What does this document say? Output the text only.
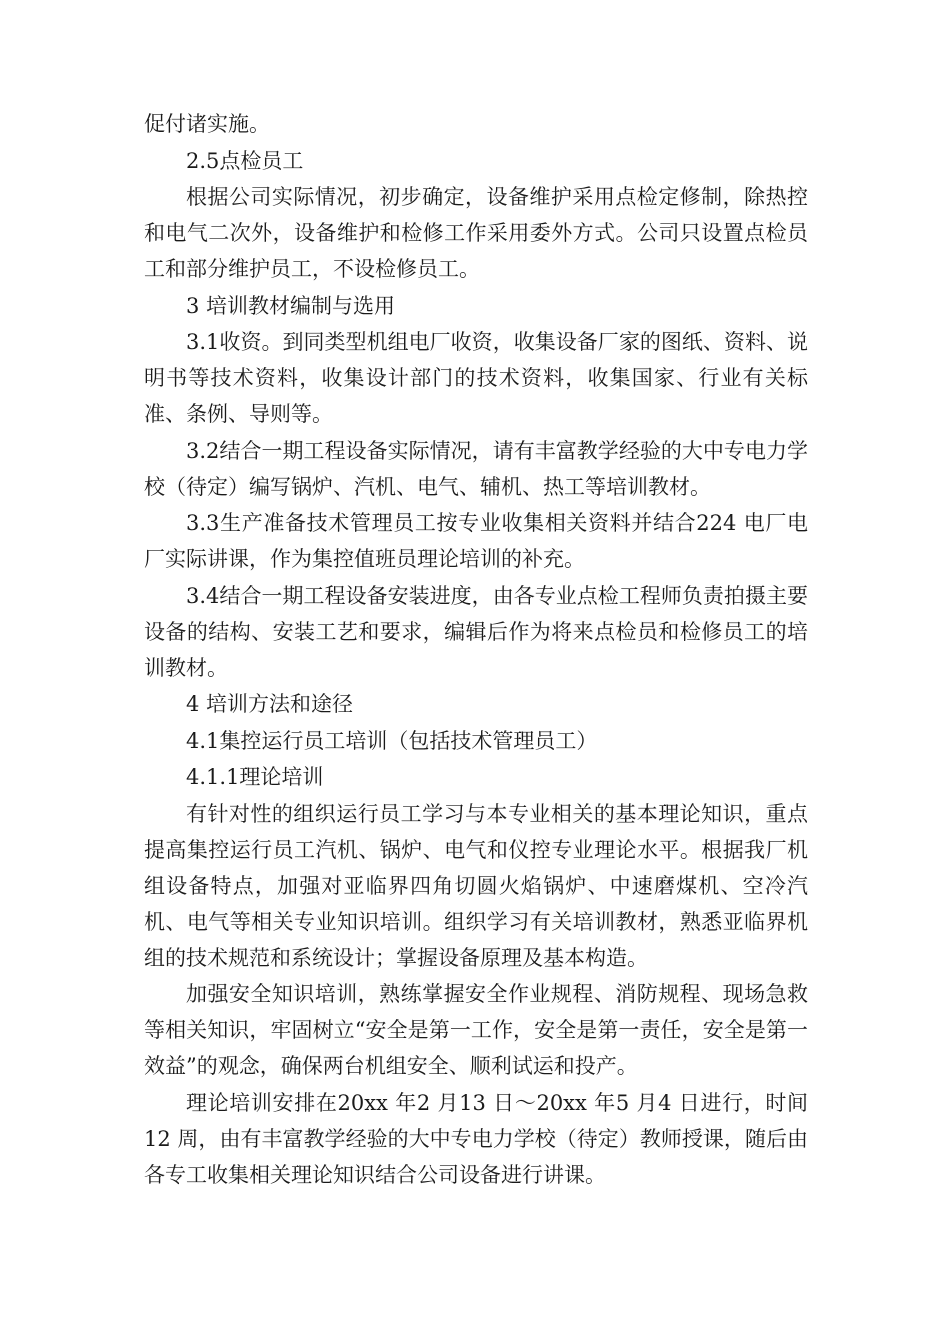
促付诸实施。

2.5点检员工

根据公司实际情况，初步确定，设备维护采用点检定修制，除热控和电气二次外，设备维护和检修工作采用委外方式。公司只设置点检员工和部分维护员工，不设检修员工。

3 培训教材编制与选用

3.1收资。到同类型机组电厂收资，收集设备厂家的图纸、资料、说明书等技术资料，收集设计部门的技术资料，收集国家、行业有关标准、条例、导则等。

3.2结合一期工程设备实际情况，请有丰富教学经验的大中专电力学校（待定）编写锅炉、汽机、电气、辅机、热工等培训教材。

3.3生产准备技术管理员工按专业收集相关资料并结合224 电厂电厂实际讲课，作为集控值班员理论培训的补充。

3.4结合一期工程设备安装进度，由各专业点检工程师负责拍摄主要设备的结构、安装工艺和要求，编辑后作为将来点检员和检修员工的培训教材。

4 培训方法和途径

4.1集控运行员工培训（包括技术管理员工）

4.1.1理论培训

有针对性的组织运行员工学习与本专业相关的基本理论知识，重点提高集控运行员工汽机、锅炉、电气和仪控专业理论水平。根据我厂机组设备特点，加强对亚临界四角切圆火焰锅炉、中速磨煤机、空冷汽机、电气等相关专业知识培训。组织学习有关培训教材，熟悉亚临界机组的技术规范和系统设计；掌握设备原理及基本构造。

加强安全知识培训，熟练掌握安全作业规程、消防规程、现场急救等相关知识，牢固树立“安全是第一工作，安全是第一责任，安全是第一效益”的观念，确保两台机组安全、顺利试运和投产。

理论培训安排在20xx 年2 月13 日～20xx 年5 月4 日进行，时间12 周，由有丰富教学经验的大中专电力学校（待定）教师授课，随后由各专工收集相关理论知识结合公司设备进行讲课。
